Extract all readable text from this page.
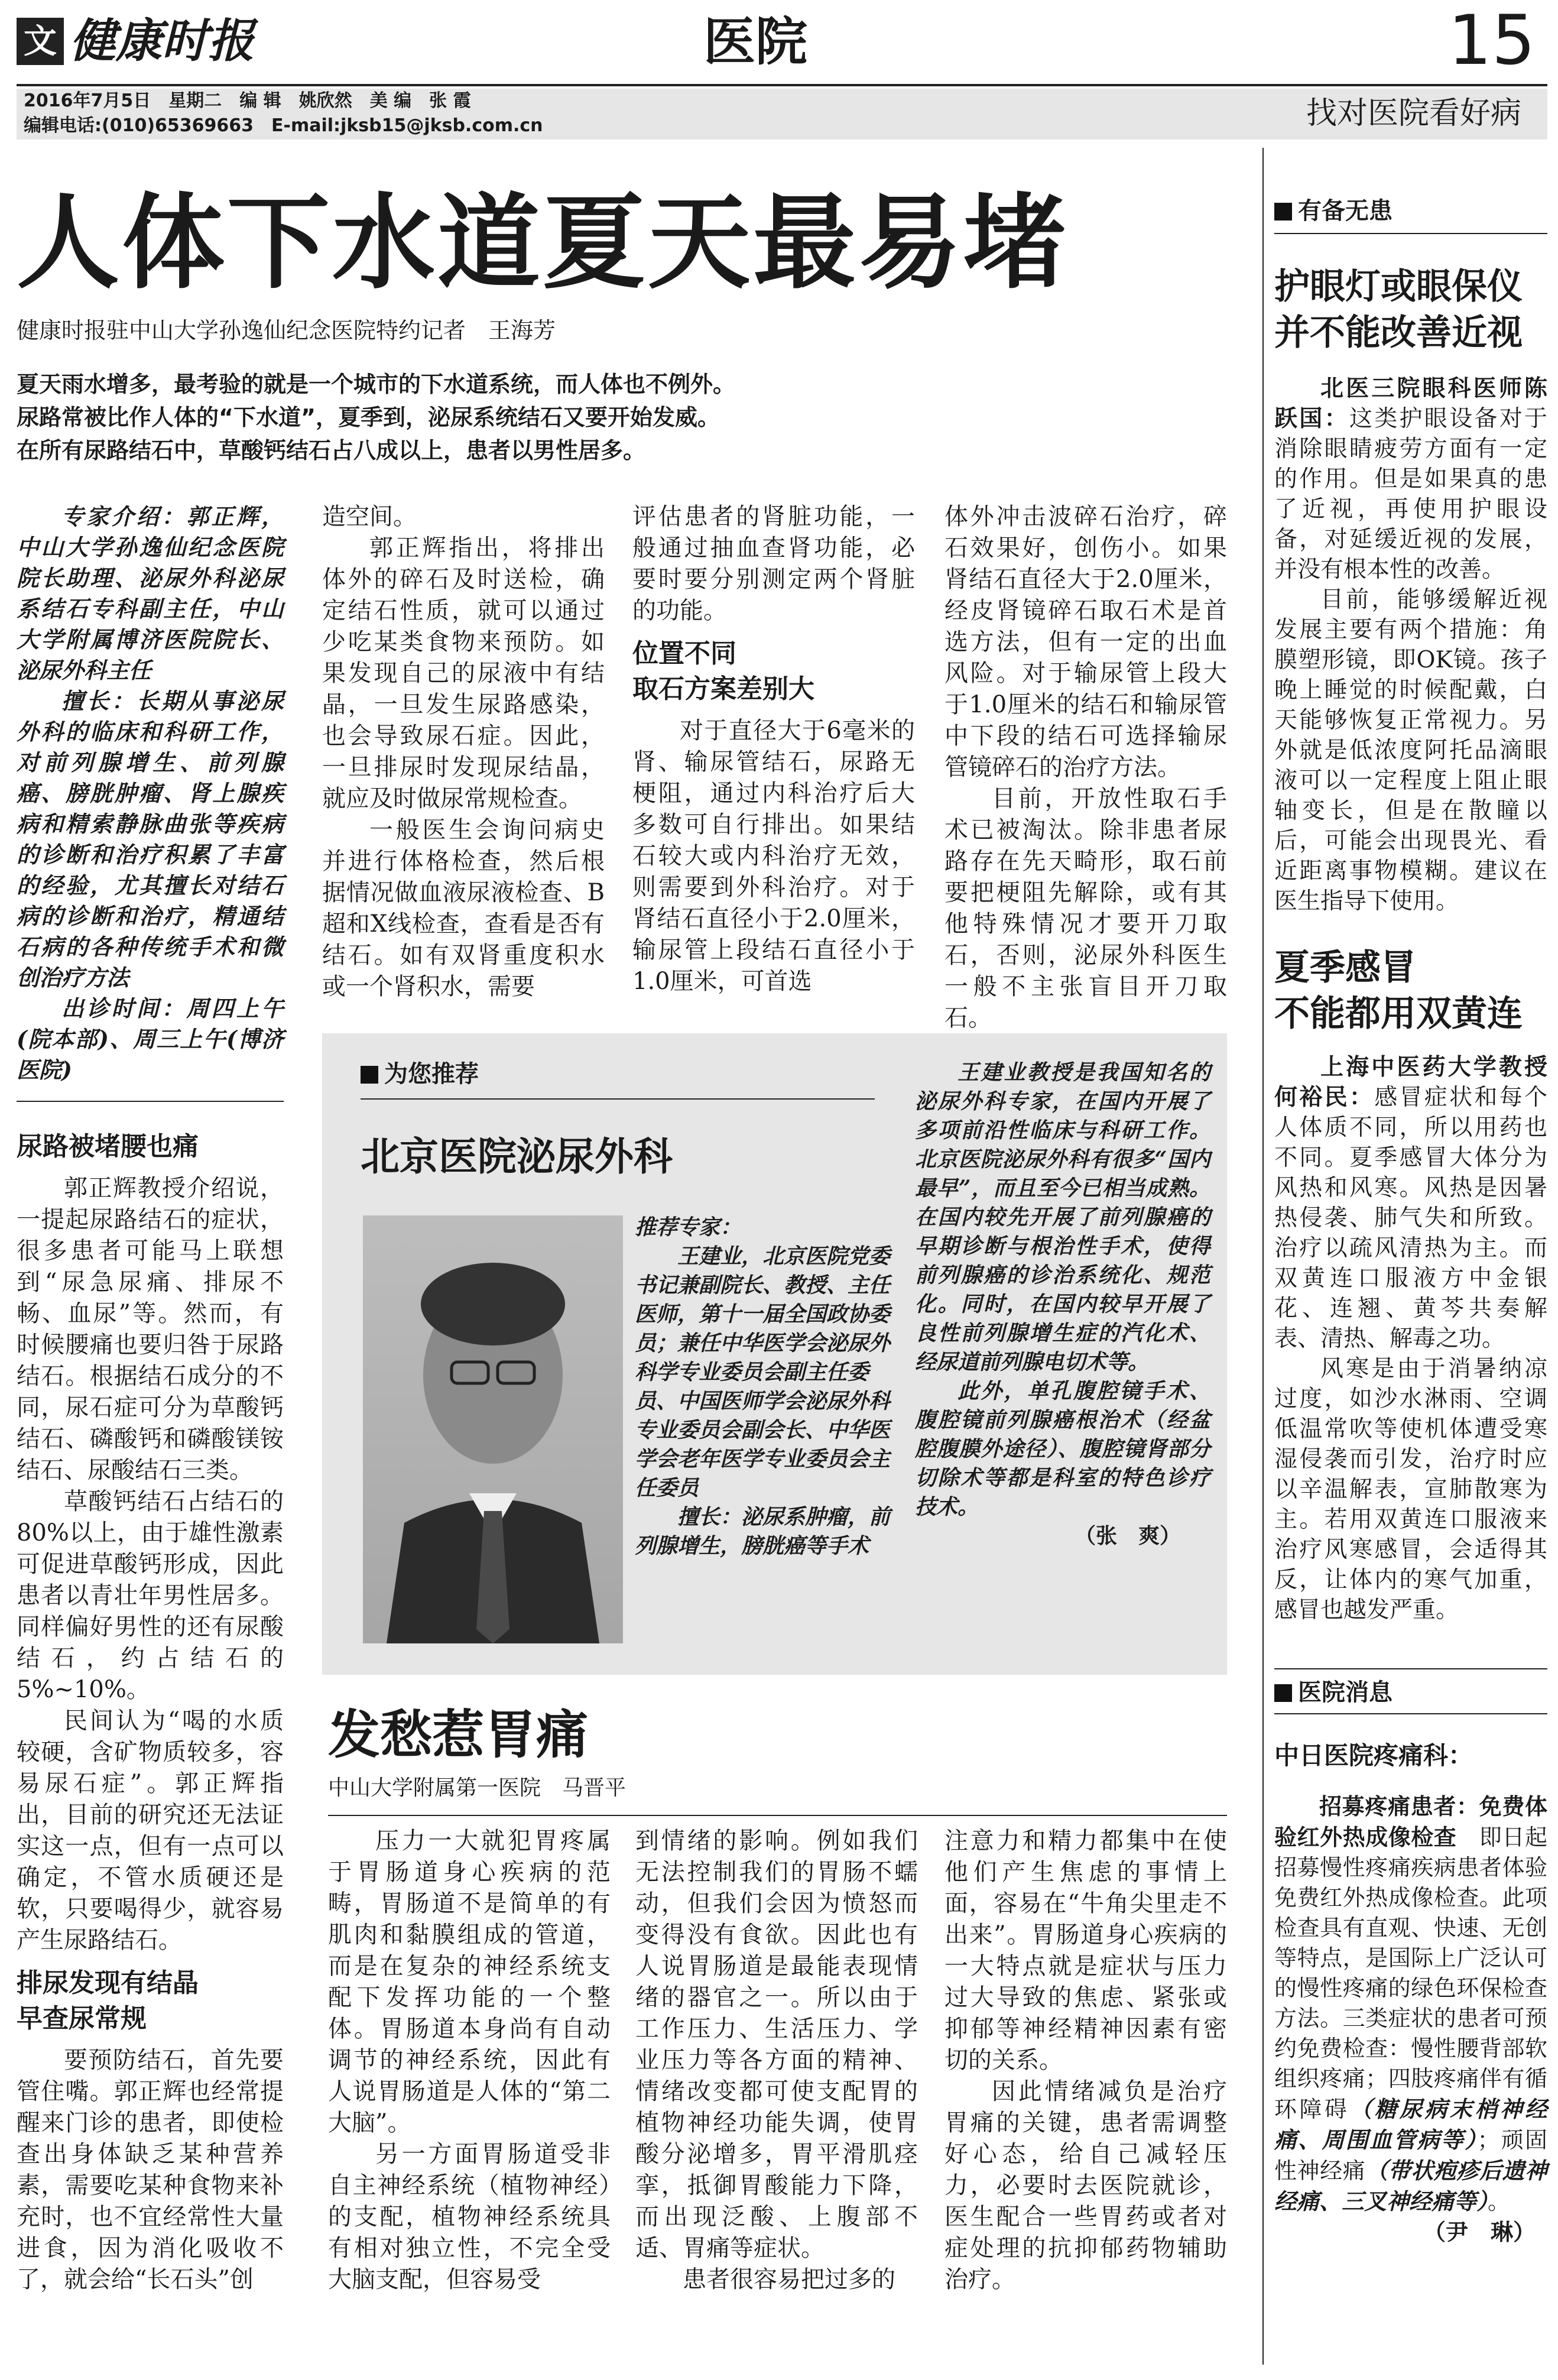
文 健康时报	医院	15
2016年7月5日　星期二　编 辑　姚欣然　美 编　张 霞
编辑电话:(010)65369663　E-mail:jksb15@jksb.com.cn	找对医院看好病
人体下水道夏天最易堵
健康时报驻中山大学孙逸仙纪念医院特约记者　王海芳
夏天雨水增多，最考验的就是一个城市的下水道系统，而人体也不例外。
尿路常被比作人体的“下水道”，夏季到，泌尿系统结石又要开始发威。
在所有尿路结石中，草酸钙结石占八成以上，患者以男性居多。

专家介绍：郭正辉，中山大学孙逸仙纪念医院院长助理、泌尿外科泌尿系结石专科副主任，中山大学附属博济医院院长、泌尿外科主任

擅长：长期从事泌尿外科的临床和科研工作，对前列腺增生、前列腺癌、膀胱肿瘤、肾上腺疾病和精索静脉曲张等疾病的诊断和治疗积累了丰富的经验，尤其擅长对结石病的诊断和治疗，精通结石病的各种传统手术和微创治疗方法

出诊时间：周四上午(院本部)、周三上午(博济医院)

尿路被堵腰也痛

郭正辉教授介绍说，一提起尿路结石的症状，很多患者可能马上联想到“尿急尿痛、排尿不畅、血尿”等。然而，有时候腰痛也要归咎于尿路结石。根据结石成分的不同，尿石症可分为草酸钙结石、磷酸钙和磷酸镁铵结石、尿酸结石三类。

草酸钙结石占结石的80%以上，由于雄性激素可促进草酸钙形成，因此患者以青壮年男性居多。同样偏好男性的还有尿酸结石，约占结石的5%~10%。

民间认为“喝的水质较硬，含矿物质较多，容易尿石症”。郭正辉指出，目前的研究还无法证实这一点，但有一点可以确定，不管水质硬还是软，只要喝得少，就容易产生尿路结石。

排尿发现有结晶
早查尿常规

要预防结石，首先要管住嘴。郭正辉也经常提醒来门诊的患者，即使检查出身体缺乏某种营养素，需要吃某种食物来补充时，也不宜经常性大量进食，因为消化吸收不了，就会给“长石头”创

造空间。

郭正辉指出，将排出体外的碎石及时送检，确定结石性质，就可以通过少吃某类食物来预防。如果发现自己的尿液中有结晶，一旦发生尿路感染，也会导致尿石症。因此，一旦排尿时发现尿结晶，就应及时做尿常规检查。

一般医生会询问病史并进行体格检查，然后根据情况做血液尿液检查、B超和X线检查，查看是否有结石。如有双肾重度积水或一个肾积水，需要

评估患者的肾脏功能，一般通过抽血查肾功能，必要时要分别测定两个肾脏的功能。

位置不同
取石方案差别大

对于直径大于6毫米的肾、输尿管结石，尿路无梗阻，通过内科治疗后大多数可自行排出。如果结石较大或内科治疗无效，则需要到外科治疗。对于肾结石直径小于2.0厘米，输尿管上段结石直径小于1.0厘米，可首选

体外冲击波碎石治疗，碎石效果好，创伤小。如果肾结石直径大于2.0厘米，经皮肾镜碎石取石术是首选方法，但有一定的出血风险。对于输尿管上段大于1.0厘米的结石和输尿管中下段的结石可选择输尿管镜碎石的治疗方法。

目前，开放性取石手术已被淘汰。除非患者尿路存在先天畸形，取石前要把梗阻先解除，或有其他特殊情况才要开刀取石，否则，泌尿外科医生一般不主张盲目开刀取石。

为您推荐
北京医院泌尿外科

推荐专家：

王建业，北京医院党委书记兼副院长、教授、主任医师，第十一届全国政协委员；兼任中华医学会泌尿外科学专业委员会副主任委员、中国医师学会泌尿外科专业委员会副会长、中华医学会老年医学专业委员会主任委员

擅长：泌尿系肿瘤，前列腺增生，膀胱癌等手术

王建业教授是我国知名的泌尿外科专家，在国内开展了多项前沿性临床与科研工作。北京医院泌尿外科有很多“国内最早”，而且至今已相当成熟。在国内较先开展了前列腺癌的早期诊断与根治性手术，使得前列腺癌的诊治系统化、规范化。同时，在国内较早开展了良性前列腺增生症的汽化术、经尿道前列腺电切术等。

此外，单孔腹腔镜手术、腹腔镜前列腺癌根治术（经盆腔腹膜外途径）、腹腔镜肾部分切除术等都是科室的特色诊疗技术。

（张　爽）
发愁惹胃痛
中山大学附属第一医院　马晋平

压力一大就犯胃疼属于胃肠道身心疾病的范畴，胃肠道不是简单的有肌肉和黏膜组成的管道，而是在复杂的神经系统支配下发挥功能的一个整体。胃肠道本身尚有自动调节的神经系统，因此有人说胃肠道是人体的“第二大脑”。

另一方面胃肠道受非自主神经系统（植物神经）的支配，植物神经系统具有相对独立性，不完全受大脑支配，但容易受

到情绪的影响。例如我们无法控制我们的胃肠不蠕动，但我们会因为愤怒而变得没有食欲。因此也有人说胃肠道是最能表现情绪的器官之一。所以由于工作压力、生活压力、学业压力等各方面的精神、情绪改变都可使支配胃的植物神经功能失调，使胃酸分泌增多，胃平滑肌痉挛，抵御胃酸能力下降，而出现泛酸、上腹部不适、胃痛等症状。

患者很容易把过多的

注意力和精力都集中在使他们产生焦虑的事情上面，容易在“牛角尖里走不出来”。胃肠道身心疾病的一大特点就是症状与压力过大导致的焦虑、紧张或抑郁等神经精神因素有密切的关系。

因此情绪减负是治疗胃痛的关键，患者需调整好心态，给自己减轻压力，必要时去医院就诊，医生配合一些胃药或者对症处理的抗抑郁药物辅助治疗。

有备无患
护眼灯或眼保仪
并不能改善近视

北医三院眼科医师陈跃国：这类护眼设备对于消除眼睛疲劳方面有一定的作用。但是如果真的患了近视，再使用护眼设备，对延缓近视的发展，并没有根本性的改善。

目前，能够缓解近视发展主要有两个措施：角膜塑形镜，即OK镜。孩子晚上睡觉的时候配戴，白天能够恢复正常视力。另外就是低浓度阿托品滴眼液可以一定程度上阻止眼轴变长，但是在散瞳以后，可能会出现畏光、看近距离事物模糊。建议在医生指导下使用。

夏季感冒
不能都用双黄连

上海中医药大学教授何裕民：感冒症状和每个人体质不同，所以用药也不同。夏季感冒大体分为风热和风寒。风热是因暑热侵袭、肺气失和所致。治疗以疏风清热为主。而双黄连口服液方中金银花、连翘、黄芩共奏解表、清热、解毒之功。

风寒是由于消暑纳凉过度，如沙水淋雨、空调低温常吹等使机体遭受寒湿侵袭而引发，治疗时应以辛温解表，宣肺散寒为主。若用双黄连口服液来治疗风寒感冒，会适得其反，让体内的寒气加重，感冒也越发严重。

医院消息
中日医院疼痛科：

招募疼痛患者：免费体验红外热成像检查　 即日起招募慢性疼痛疾病患者体验免费红外热成像检查。此项检查具有直观、快速、无创等特点，是国际上广泛认可的慢性疼痛的绿色环保检查方法。三类症状的患者可预约免费检查：慢性腰背部软组织疼痛；四肢疼痛伴有循环障碍（糖尿病末梢神经痛、周围血管病等）；顽固性神经痛（带状疱疹后遗神经痛、三叉神经痛等）。

（尹　琳）
